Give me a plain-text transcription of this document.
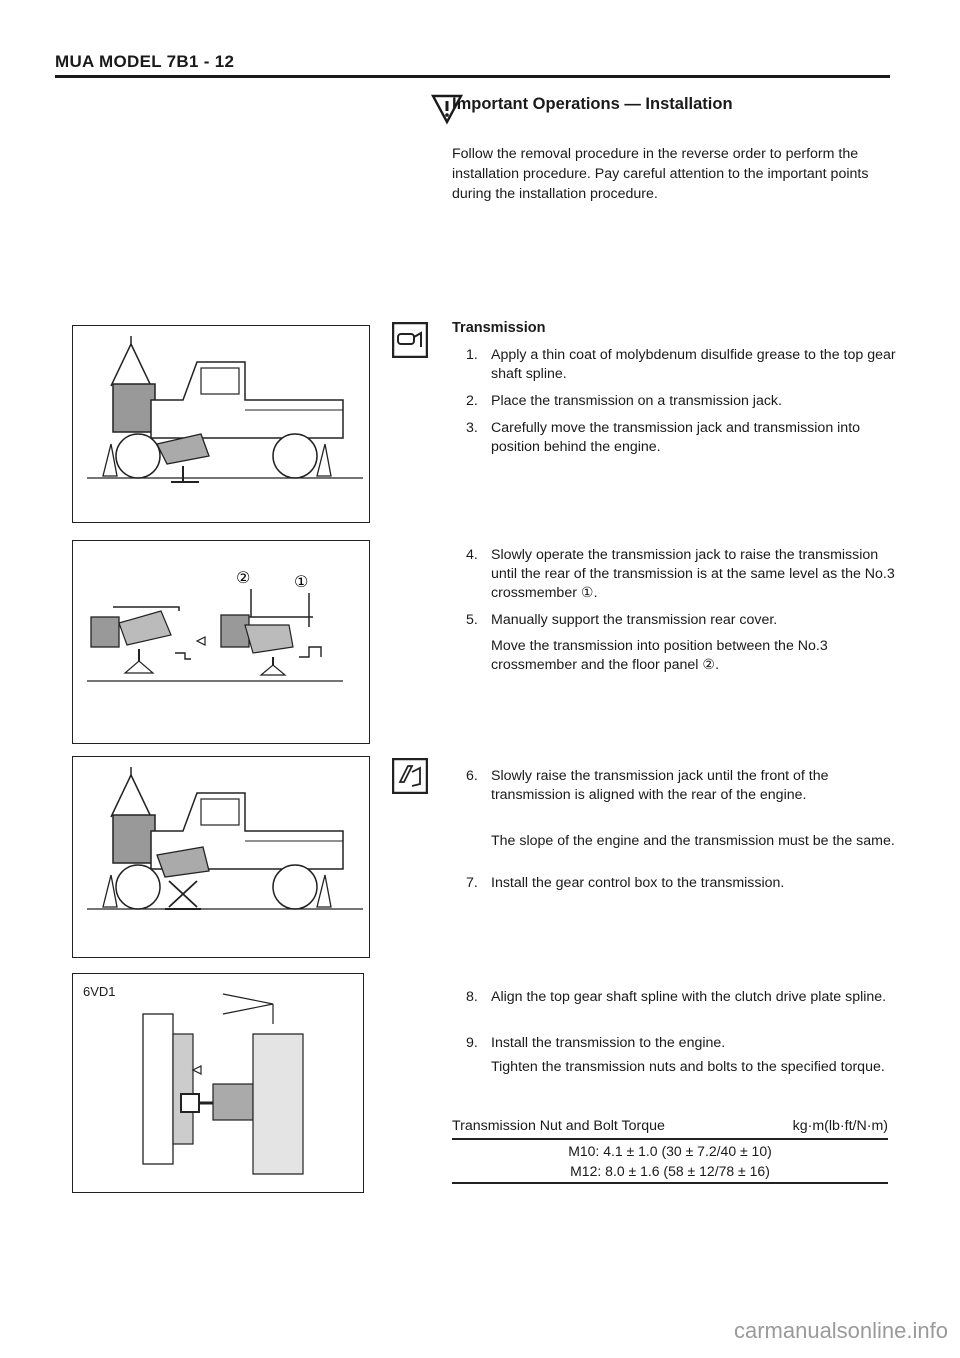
MUA MODEL 7B1 - 12
Important Operations — Installation
Follow the removal procedure in the reverse order to perform the installation procedure. Pay careful attention to the important points during the installation procedure.
②	①
6VD1
Transmission
1. Apply a thin coat of molybdenum disulfide grease to the top gear shaft spline.
2. Place the transmission on a transmission jack.
3. Carefully move the transmission jack and transmission into position behind the engine.
4. Slowly operate the transmission jack to raise the transmission until the rear of the transmission is at the same level as the No.3 crossmember ①.
5. Manually support the transmission rear cover.
Move the transmission into position between the No.3 crossmember and the floor panel ②.
6. Slowly raise the transmission jack until the front of the transmission is aligned with the rear of the engine.
The slope of the engine and the transmission must be the same.
7. Install the gear control box to the transmission.
8. Align the top gear shaft spline with the clutch drive plate spline.
9. Install the transmission to the engine.
Tighten the transmission nuts and bolts to the specified torque.
Transmission Nut and Bolt Torque	kg·m(lb·ft/N·m)
M10: 4.1 ± 1.0 (30 ± 7.2/40 ± 10)
M12: 8.0 ± 1.6 (58 ± 12/78 ± 16)
carmanualsonline.info
